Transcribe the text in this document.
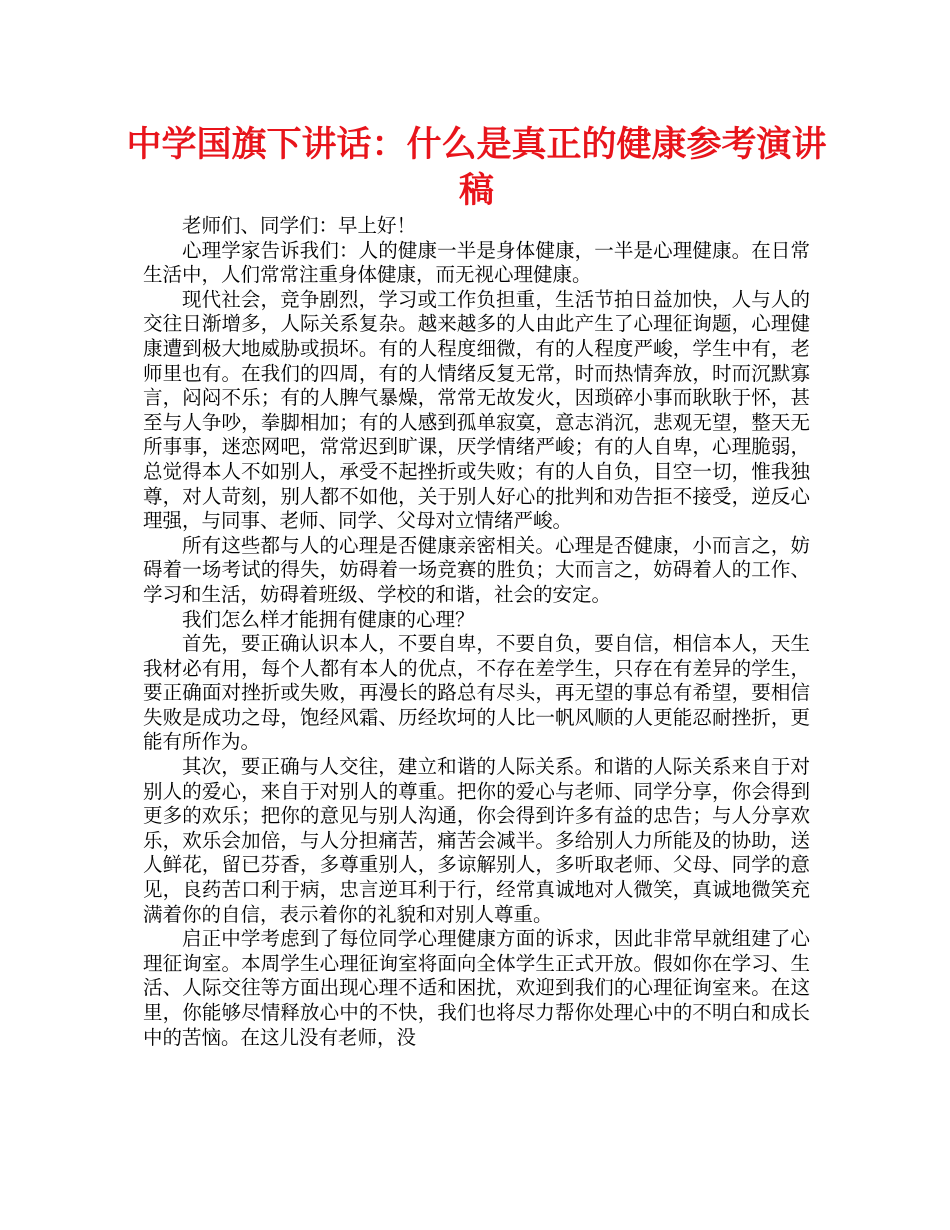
中学国旗下讲话：什么是真正的健康参考演讲稿

老师们、同学们：早上好！

心理学家告诉我们：人的健康一半是身体健康，一半是心理健康。在日常生活中，人们常常注重身体健康，而无视心理健康。

现代社会，竞争剧烈，学习或工作负担重，生活节拍日益加快，人与人的交往日渐增多，人际关系复杂。越来越多的人由此产生了心理征询题，心理健康遭到极大地威胁或损坏。有的人程度细微，有的人程度严峻，学生中有，老师里也有。在我们的四周，有的人情绪反复无常，时而热情奔放，时而沉默寡言，闷闷不乐；有的人脾气暴燥，常常无故发火，因琐碎小事而耿耿于怀，甚至与人争吵，拳脚相加；有的人感到孤单寂寞，意志消沉，悲观无望，整天无所事事，迷恋网吧，常常迟到旷课，厌学情绪严峻；有的人自卑，心理脆弱，总觉得本人不如别人，承受不起挫折或失败；有的人自负，目空一切，惟我独尊，对人苛刻，别人都不如他，关于别人好心的批判和劝告拒不接受，逆反心理强，与同事、老师、同学、父母对立情绪严峻。

所有这些都与人的心理是否健康亲密相关。心理是否健康，小而言之，妨碍着一场考试的得失，妨碍着一场竞赛的胜负；大而言之，妨碍着人的工作、学习和生活，妨碍着班级、学校的和谐，社会的安定。

我们怎么样才能拥有健康的心理？

首先，要正确认识本人，不要自卑，不要自负，要自信，相信本人，天生我材必有用，每个人都有本人的优点，不存在差学生，只存在有差异的学生，要正确面对挫折或失败，再漫长的路总有尽头，再无望的事总有希望，要相信失败是成功之母，饱经风霜、历经坎坷的人比一帆风顺的人更能忍耐挫折，更能有所作为。

其次，要正确与人交往，建立和谐的人际关系。和谐的人际关系来自于对别人的爱心，来自于对别人的尊重。把你的爱心与老师、同学分享，你会得到更多的欢乐；把你的意见与别人沟通，你会得到许多有益的忠告；与人分享欢乐，欢乐会加倍，与人分担痛苦，痛苦会减半。多给别人力所能及的协助，送人鲜花，留已芬香，多尊重别人，多谅解别人，多听取老师、父母、同学的意见，良药苦口利于病，忠言逆耳利于行，经常真诚地对人微笑，真诚地微笑充满着你的自信，表示着你的礼貌和对别人尊重。

启正中学考虑到了每位同学心理健康方面的诉求，因此非常早就组建了心理征询室。本周学生心理征询室将面向全体学生正式开放。假如你在学习、生活、人际交往等方面出现心理不适和困扰，欢迎到我们的心理征询室来。在这里，你能够尽情释放心中的不快，我们也将尽力帮你处理心中的不明白和成长中的苦恼。在这儿没有老师，没
